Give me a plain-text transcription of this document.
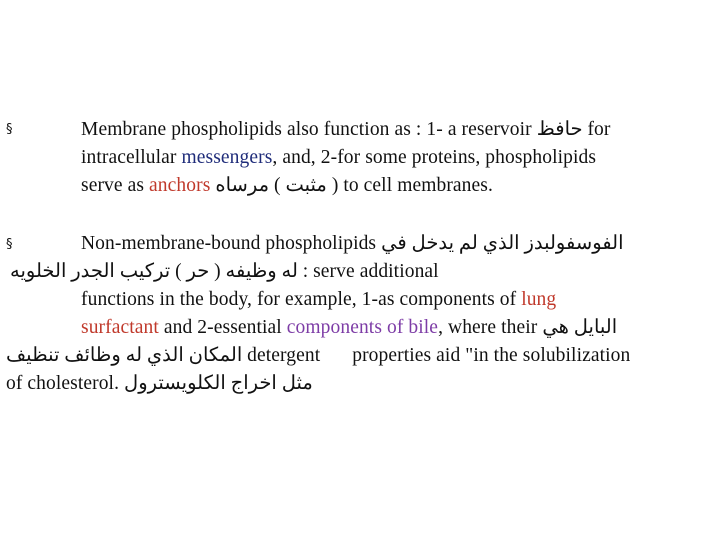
§	Membrane phospholipids also function as : 1- a reservoir حافظ for
intracellular messengers, and, 2-for some proteins, phospholipids
serve as anchors ( مثبت ) مرساه to cell membranes.
§	Non-membrane-bound phospholipids الفوسفولبدز الذي لم يدخل في
: له وظيفه ( حر ) تركيب الجدر الخلويه serve additional
functions in the body, for example, 1-as components of lung
surfactant and 2-essential components of bile, where their البايل هي
المكان الذي له وظائف تنظيف detergent properties aid "in the solubilization
of cholesterol. مثل اخراج الكلويسترول
